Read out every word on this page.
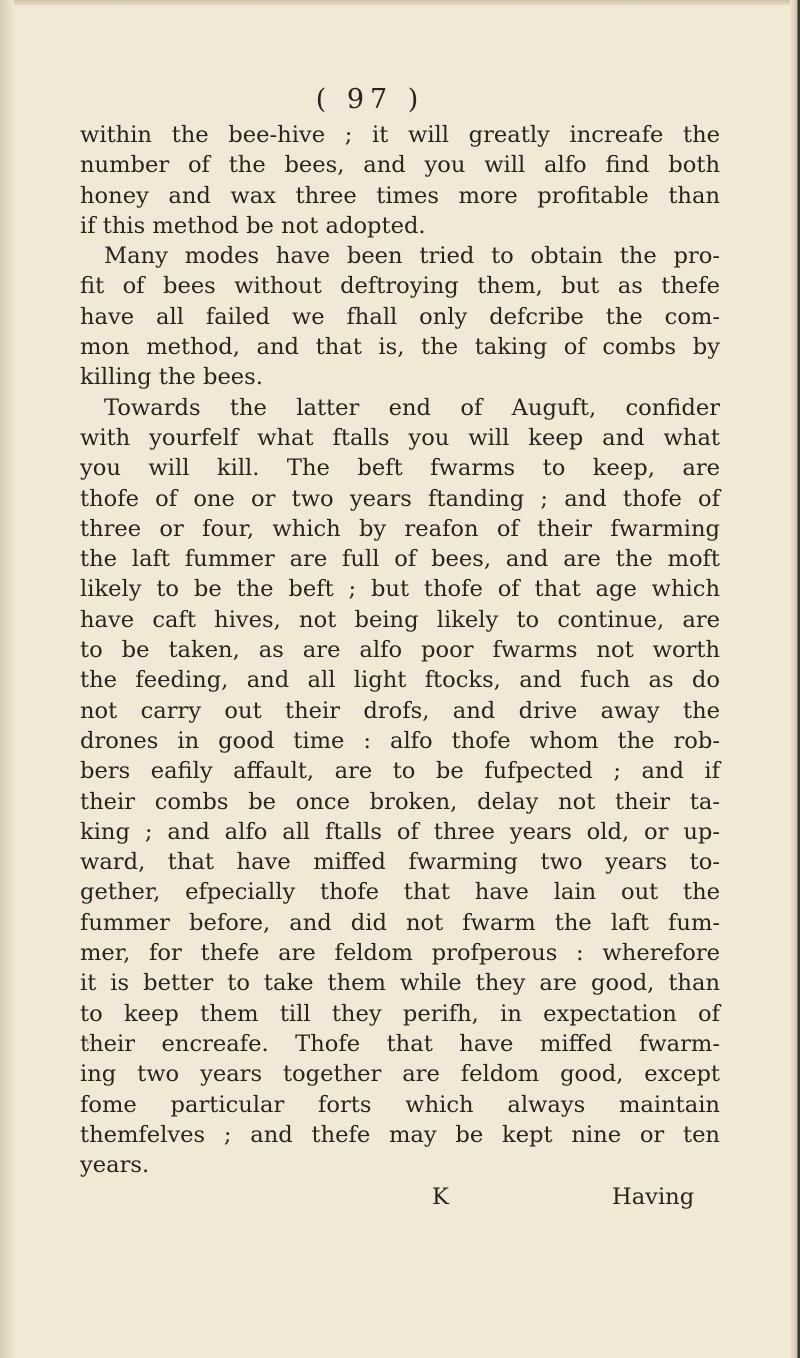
( 97 )
within the bee-hive ; it will greatly increafe the
number of the bees, and you will alfo find both
honey and wax three times more profitable than
if this method be not adopted.
Many modes have been tried to obtain the pro-
fit of bees without deftroying them, but as thefe
have all failed we fhall only defcribe the com-
mon method, and that is, the taking of combs by
killing the bees.
Towards the latter end of Auguft, confider
with yourfelf what ftalls you will keep and what
you will kill. The beft fwarms to keep, are
thofe of one or two years ftanding ; and thofe of
three or four, which by reafon of their fwarming
the laft fummer are full of bees, and are the moft
likely to be the beft ; but thofe of that age which
have caft hives, not being likely to continue, are
to be taken, as are alfo poor fwarms not worth
the feeding, and all light ftocks, and fuch as do
not carry out their drofs, and drive away the
drones in good time : alfo thofe whom the rob-
bers eafily affault, are to be fufpected ; and if
their combs be once broken, delay not their ta-
king ; and alfo all ftalls of three years old, or up-
ward, that have miffed fwarming two years to-
gether, efpecially thofe that have lain out the
fummer before, and did not fwarm the laft fum-
mer, for thefe are feldom profperous : wherefore
it is better to take them while they are good, than
to keep them till they perifh, in expectation of
their encreafe. Thofe that have miffed fwarm-
ing two years together are feldom good, except
fome particular forts which always maintain
themfelves ; and thefe may be kept nine or ten
years.
K	Having
